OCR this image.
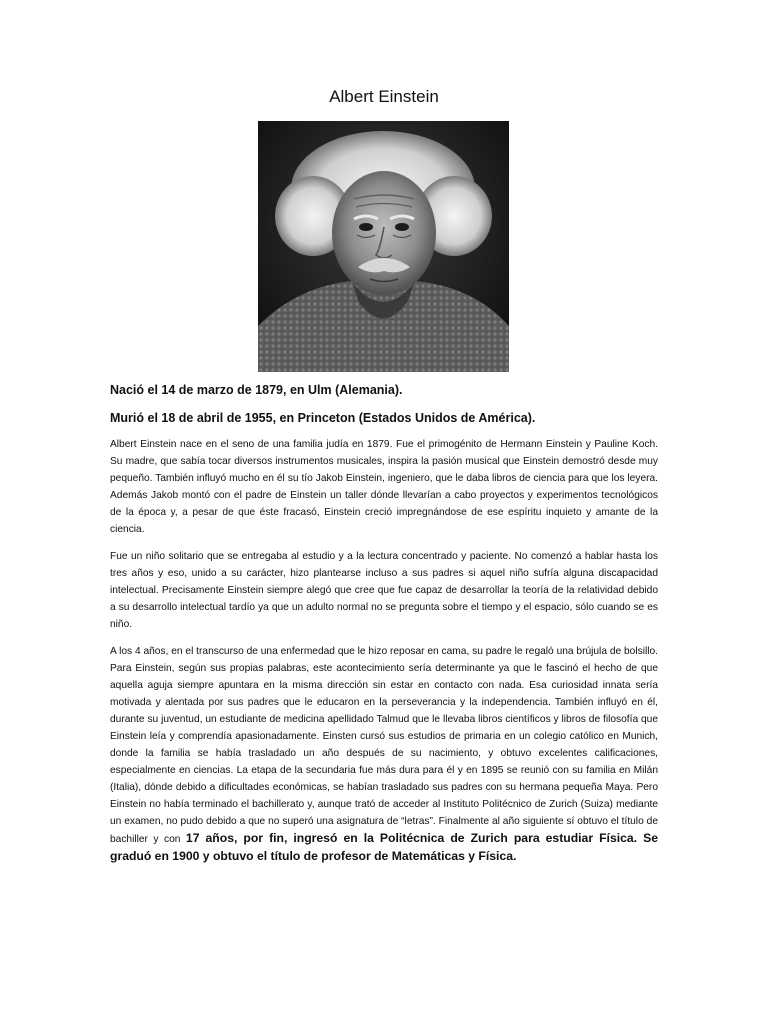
Albert Einstein

Nació el 14 de marzo de 1879, en Ulm (Alemania).

Murió el 18 de abril de 1955, en Princeton (Estados Unidos de América).

Albert Einstein nace en el seno de una familia judía en 1879. Fue el primogénito de Hermann Einstein y Pauline Koch. Su madre, que sabía tocar diversos instrumentos musicales, inspira la pasión musical que Einstein demostró desde muy pequeño. También influyó mucho en él su tío Jakob Einstein, ingeniero, que le daba libros de ciencia para que los leyera. Además Jakob montó con el padre de Einstein un taller dónde llevarían a cabo proyectos y experimentos tecnológicos de la época y, a pesar de que éste fracasó, Einstein creció impregnándose de ese espíritu inquieto y amante de la ciencia.

Fue un niño solitario que se entregaba al estudio y a la lectura concentrado y paciente. No comenzó a hablar hasta los tres años y eso, unido a su carácter, hizo plantearse incluso a sus padres si aquel niño sufría alguna discapacidad intelectual. Precisamente Einstein siempre alegó que cree que fue capaz de desarrollar la teoría de la relatividad debido a su desarrollo intelectual tardío ya que un adulto normal no se pregunta sobre el tiempo y el espacio, sólo cuando se es niño.

A los 4 años, en el transcurso de una enfermedad que le hizo reposar en cama, su padre le regaló una brújula de bolsillo. Para Einstein, según sus propias palabras, este acontecimiento sería determinante ya que le fascinó el hecho de que aquella aguja siempre apuntara en la misma dirección sin estar en contacto con nada. Esa curiosidad innata sería motivada y alentada por sus padres que le educaron en la perseverancia y la independencia. También influyó en él, durante su juventud, un estudiante de medicina apellidado Talmud que le llevaba libros científicos y libros de filosofía que Einstein leía y comprendía apasionadamente. Einsten cursó sus estudios de primaria en un colegio católico en Munich, donde la familia se había trasladado un año después de su nacimiento, y obtuvo excelentes calificaciones, especialmente en ciencias. La etapa de la secundaria fue más dura para él y en 1895 se reunió con su familia en Milán (Italia), dónde debido a dificultades económicas, se habían trasladado sus padres con su hermana pequeña Maya. Pero Einstein no había terminado el bachillerato y, aunque trató de acceder al Instituto Politécnico de Zurich (Suiza) mediante un examen, no pudo debido a que no superó una asignatura de “letras”. Finalmente al año siguiente sí obtuvo el título de bachiller y con 17 años, por fin, ingresó en la Politécnica de Zurich para estudiar Física. Se graduó en 1900 y obtuvo el título de profesor de Matemáticas y Física.
